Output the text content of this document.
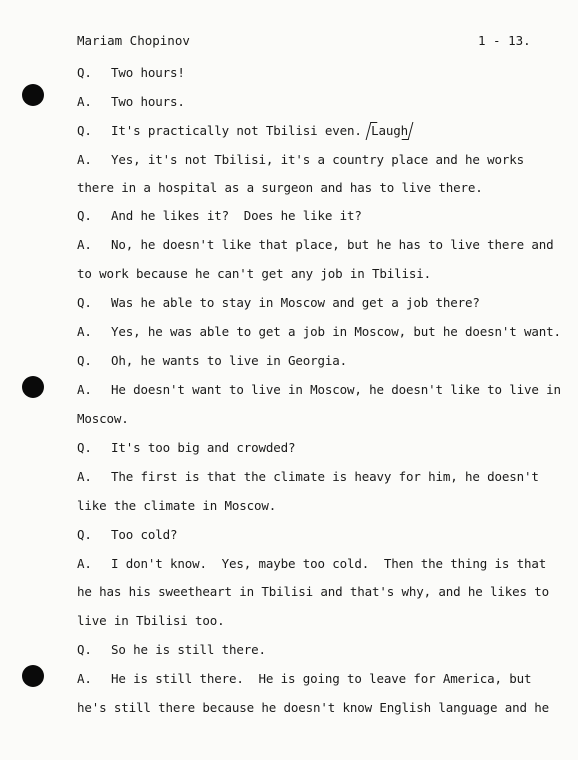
Mariam Chopinov	1 - 13.
Q. Two hours!
A. Two hours.
Q. It's practically not Tbilisi even. Laugh
A. Yes, it's not Tbilisi, it's a country place and he works
there in a hospital as a surgeon and has to live there.
Q. And he likes it?  Does he like it?
A. No, he doesn't like that place, but he has to live there and
to work because he can't get any job in Tbilisi.
Q. Was he able to stay in Moscow and get a job there?
A. Yes, he was able to get a job in Moscow, but he doesn't want.
Q. Oh, he wants to live in Georgia.
A. He doesn't want to live in Moscow, he doesn't like to live in
Moscow.
Q. It's too big and crowded?
A. The first is that the climate is heavy for him, he doesn't
like the climate in Moscow.
Q. Too cold?
A. I don't know.  Yes, maybe too cold.  Then the thing is that
he has his sweetheart in Tbilisi and that's why, and he likes to
live in Tbilisi too.
Q. So he is still there.
A. He is still there.  He is going to leave for America, but
he's still there because he doesn't know English language and he
